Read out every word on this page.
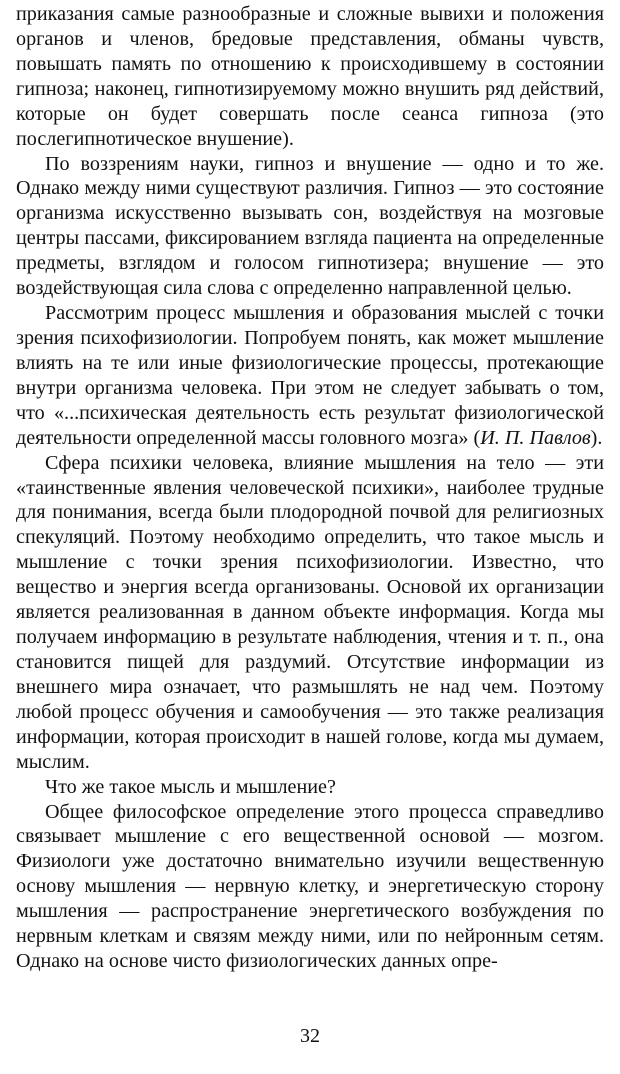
приказания самые разнообразные и сложные вывихи и положения органов и членов, бредовые представления, обманы чувств, повышать память по отношению к происходившему в состоянии гипноза; наконец, гипнотизируемому можно внушить ряд действий, которые он будет совершать после сеанса гипноза (это послегипнотическое внушение).

По воззрениям науки, гипноз и внушение — одно и то же. Однако между ними существуют различия. Гипноз — это состояние организма искусственно вызывать сон, воздействуя на мозговые центры пассами, фиксированием взгляда пациента на определенные предметы, взглядом и голосом гипнотизера; внушение — это воздействующая сила слова с определенно направленной целью.

Рассмотрим процесс мышления и образования мыслей с точки зрения психофизиологии. Попробуем понять, как может мышление влиять на те или иные физиологические процессы, протекающие внутри организма человека. При этом не следует забывать о том, что «...психическая деятельность есть результат физиологической деятельности определенной массы головного мозга» (И. П. Павлов).

Сфера психики человека, влияние мышления на тело — эти «таинственные явления человеческой психики», наиболее трудные для понимания, всегда были плодородной почвой для религиозных спекуляций. Поэтому необходимо определить, что такое мысль и мышление с точки зрения психофизиологии. Известно, что вещество и энергия всегда организованы. Основой их организации является реализованная в данном объекте информация. Когда мы получаем информацию в результате наблюдения, чтения и т. п., она становится пищей для раздумий. Отсутствие информации из внешнего мира означает, что размышлять не над чем. Поэтому любой процесс обучения и самообучения — это также реализация информации, которая происходит в нашей голове, когда мы думаем, мыслим.

Что же такое мысль и мышление?

Общее философское определение этого процесса справедливо связывает мышление с его вещественной основой — мозгом. Физиологи уже достаточно внимательно изучили вещественную основу мышления — нервную клетку, и энергетическую сторону мышления — распространение энергетического возбуждения по нервным клеткам и связям между ними, или по нейронным сетям. Однако на основе чисто физиологических данных опре-

32
